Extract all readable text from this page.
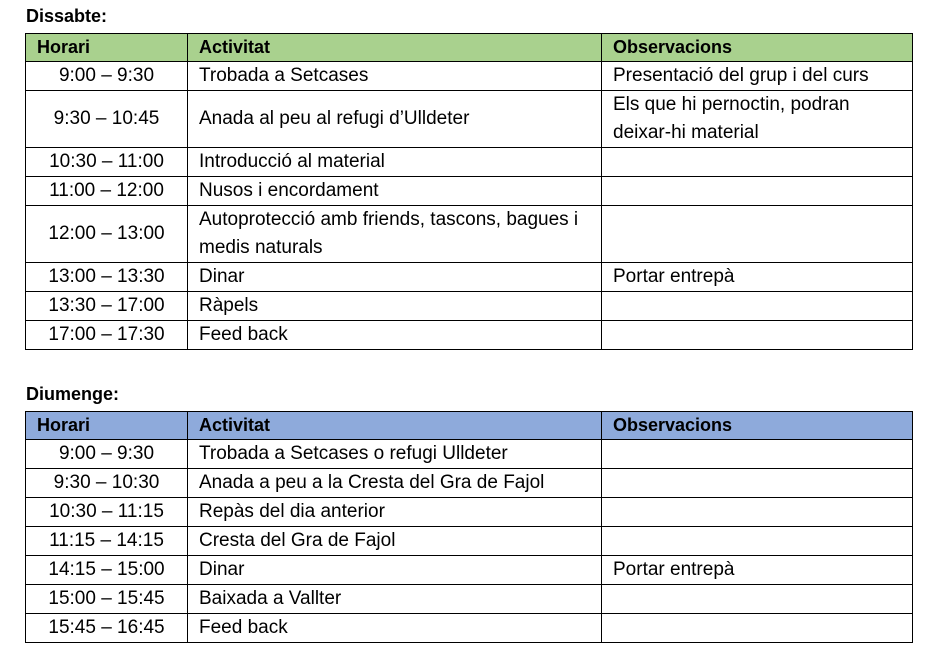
Dissabte:
Horari	Activitat	Observacions
9:00 – 9:30	Trobada a Setcases	Presentació del grup i del curs
9:30 – 10:45	Anada al peu al refugi d’Ulldeter	Els que hi pernoctin, podran deixar-hi material
10:30 – 11:00	Introducció al material	
11:00 – 12:00	Nusos i encordament	
12:00 – 13:00	Autoprotecció amb friends, tascons, bagues i medis naturals	
13:00 – 13:30	Dinar	Portar entrepà
13:30 – 17:00	Ràpels	
17:00 – 17:30	Feed back	
Diumenge:
Horari	Activitat	Observacions
9:00 – 9:30	Trobada a Setcases o refugi Ulldeter	
9:30 – 10:30	Anada a peu a la Cresta del Gra de Fajol	
10:30 – 11:15	Repàs del dia anterior	
11:15 – 14:15	Cresta del Gra de Fajol	
14:15 – 15:00	Dinar	Portar entrepà
15:00 – 15:45	Baixada a Vallter	
15:45 – 16:45	Feed back	
